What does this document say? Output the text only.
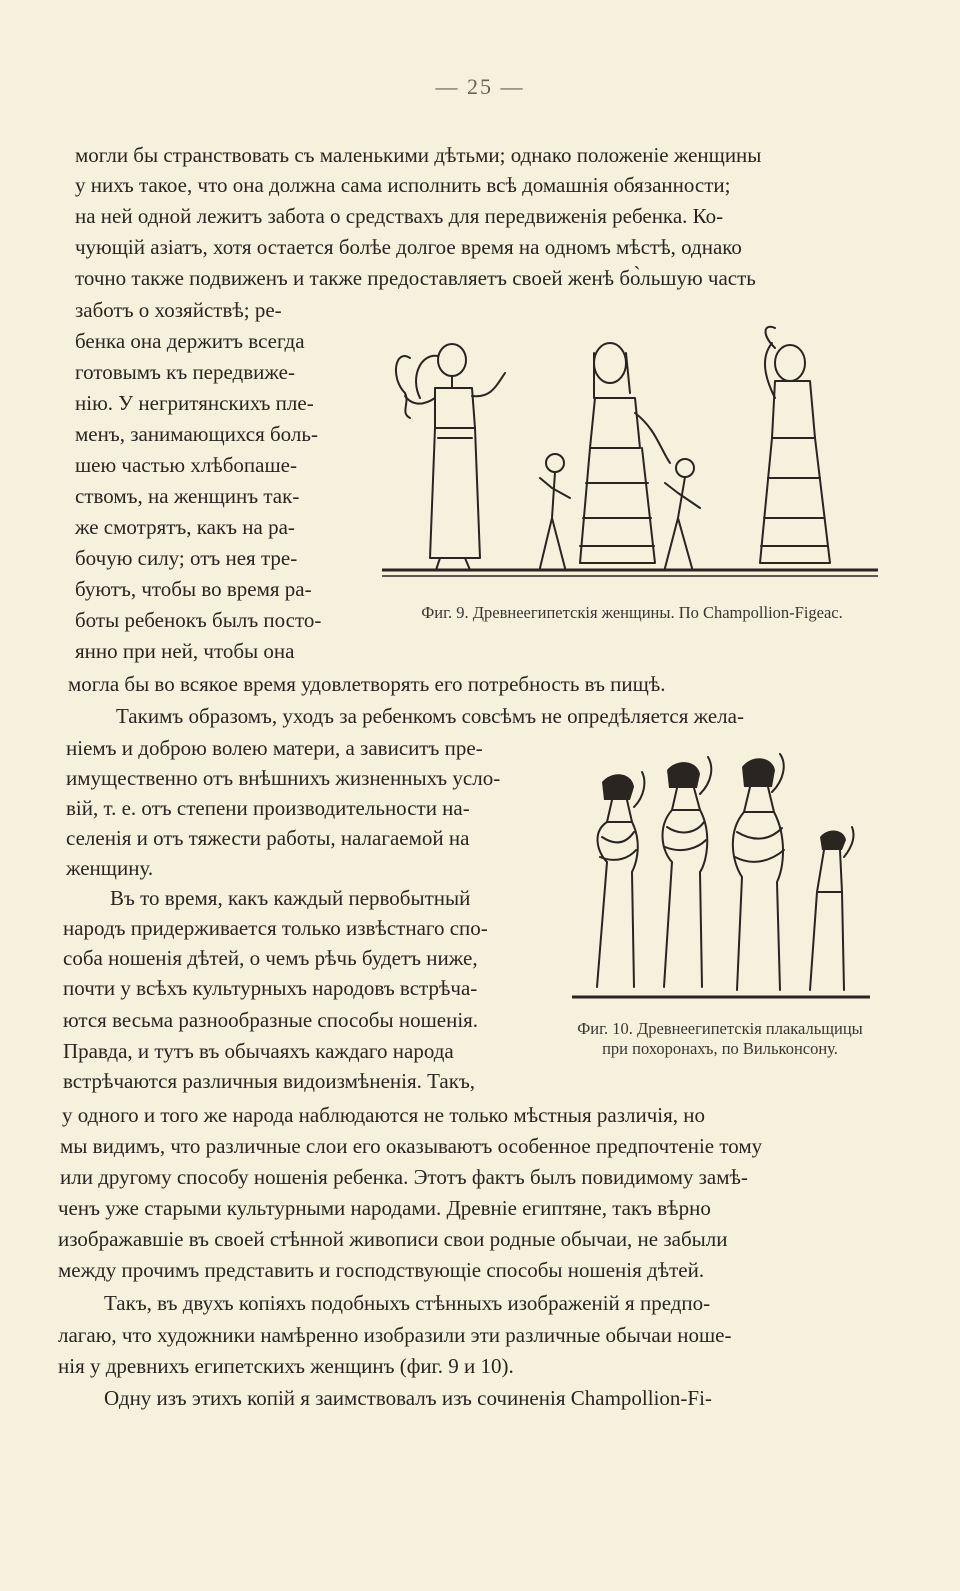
— 25 —
могли бы странствовать съ маленькими дѣтьми; однако положеніе женщины
у нихъ такое, что она должна сама исполнить всѣ домашнія обязанности;
на ней одной лежитъ забота о средствахъ для передвиженія ребенка. Ко-
чующій азіатъ, хотя остается болѣе долгое время на одномъ мѣстѣ, однако
точно также подвиженъ и также предоставляетъ своей женѣ бо̀льшую часть
заботъ о хозяйствѣ; ре-
бенка она держитъ всегда
готовымъ къ передвиже-
нію. У негритянскихъ пле-
менъ, занимающихся боль-
шею частью хлѣбопаше-
ствомъ, на женщинъ так-
же смотрятъ, какъ на ра-
бочую силу; отъ нея тре-
буютъ, чтобы во время ра-
боты ребенокъ былъ посто-
янно при ней, чтобы она
могла бы во всякое время удовлетворять его потребность въ пищѣ.
Такимъ образомъ, уходъ за ребенкомъ совсѣмъ не опредѣляется жела-
ніемъ и доброю волею матери, а зависитъ пре-
имущественно отъ внѣшнихъ жизненныхъ усло-
вій, т. е. отъ степени производительности на-
селенія и отъ тяжести работы, налагаемой на
женщину.
Въ то время, какъ каждый первобытный
народъ придерживается только извѣстнаго спо-
соба ношенія дѣтей, о чемъ рѣчь будетъ ниже,
почти у всѣхъ культурныхъ народовъ встрѣча-
ются весьма разнообразные способы ношенія.
Правда, и тутъ въ обычаяхъ каждаго народа
встрѣчаются различныя видоизмѣненія. Такъ,
у одного и того же народа наблюдаются не только мѣстныя различія, но
мы видимъ, что различные слои его оказываютъ особенное предпочтеніе тому
или другому способу ношенія ребенка. Этотъ фактъ былъ повидимому замѣ-
ченъ уже старыми культурными народами. Древніе египтяне, такъ вѣрно
изображавшіе въ своей стѣнной живописи свои родные обычаи, не забыли
между прочимъ представить и господствующіе способы ношенія дѣтей.
Такъ, въ двухъ копіяхъ подобныхъ стѣнныхъ изображеній я предпо-
лагаю, что художники намѣренно изобразили эти различные обычаи ноше-
нія у древнихъ египетскихъ женщинъ (фиг. 9 и 10).
Одну изъ этихъ копій я заимствовалъ изъ сочиненія Champollion-Fi-
Фиг. 9. Древнеегипетскія женщины. По Champollion-Figeac.
Фиг. 10. Древнеегипетскія плакальщицы при похоронахъ, по Вильконсону.
